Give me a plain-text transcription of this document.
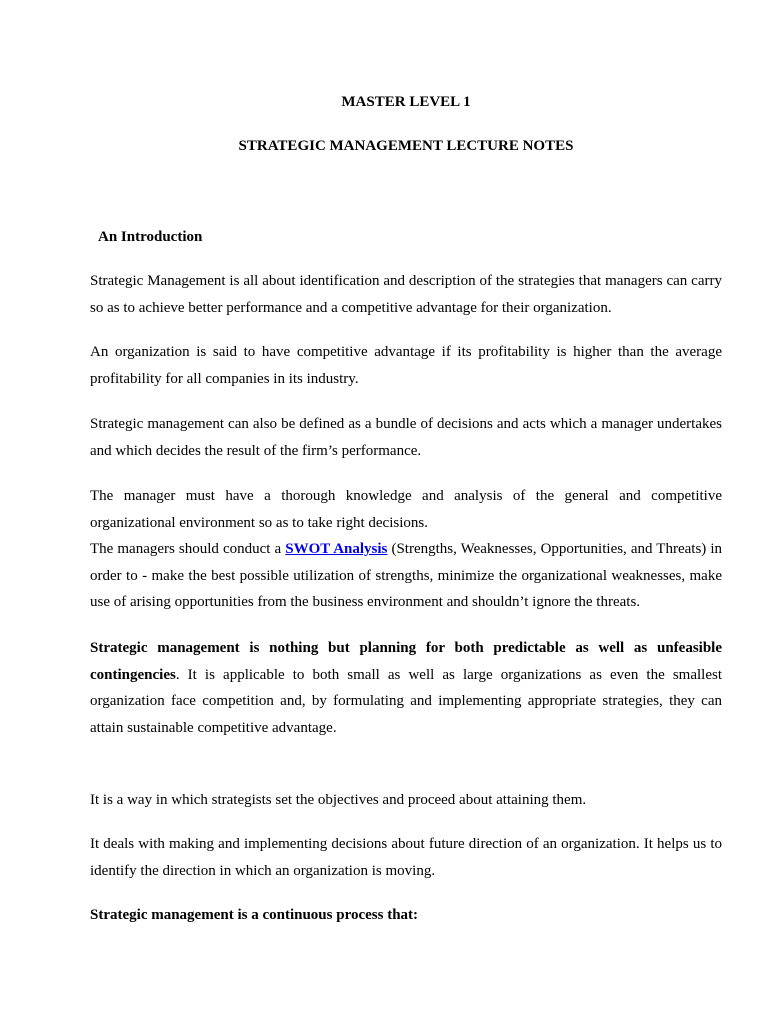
MASTER LEVEL 1
STRATEGIC MANAGEMENT LECTURE NOTES
An Introduction

Strategic Management is all about identification and description of the strategies that managers can carry so as to achieve better performance and a competitive advantage for their organization.

An organization is said to have competitive advantage if its profitability is higher than the average profitability for all companies in its industry.

Strategic management can also be defined as a bundle of decisions and acts which a manager undertakes and which decides the result of the firm’s performance.

The manager must have a thorough knowledge and analysis of the general and competitive organizational environment so as to take right decisions.

The managers should conduct a SWOT Analysis (Strengths, Weaknesses, Opportunities, and Threats) in order to - make the best possible utilization of strengths, minimize the organizational weaknesses, make use of arising opportunities from the business environment and shouldn’t ignore the threats.

Strategic management is nothing but planning for both predictable as well as unfeasible contingencies. It is applicable to both small as well as large organizations as even the smallest organization face competition and, by formulating and implementing appropriate strategies, they can attain sustainable competitive advantage.

It is a way in which strategists set the objectives and proceed about attaining them.

It deals with making and implementing decisions about future direction of an organization. It helps us to identify the direction in which an organization is moving.

Strategic management is a continuous process that:
